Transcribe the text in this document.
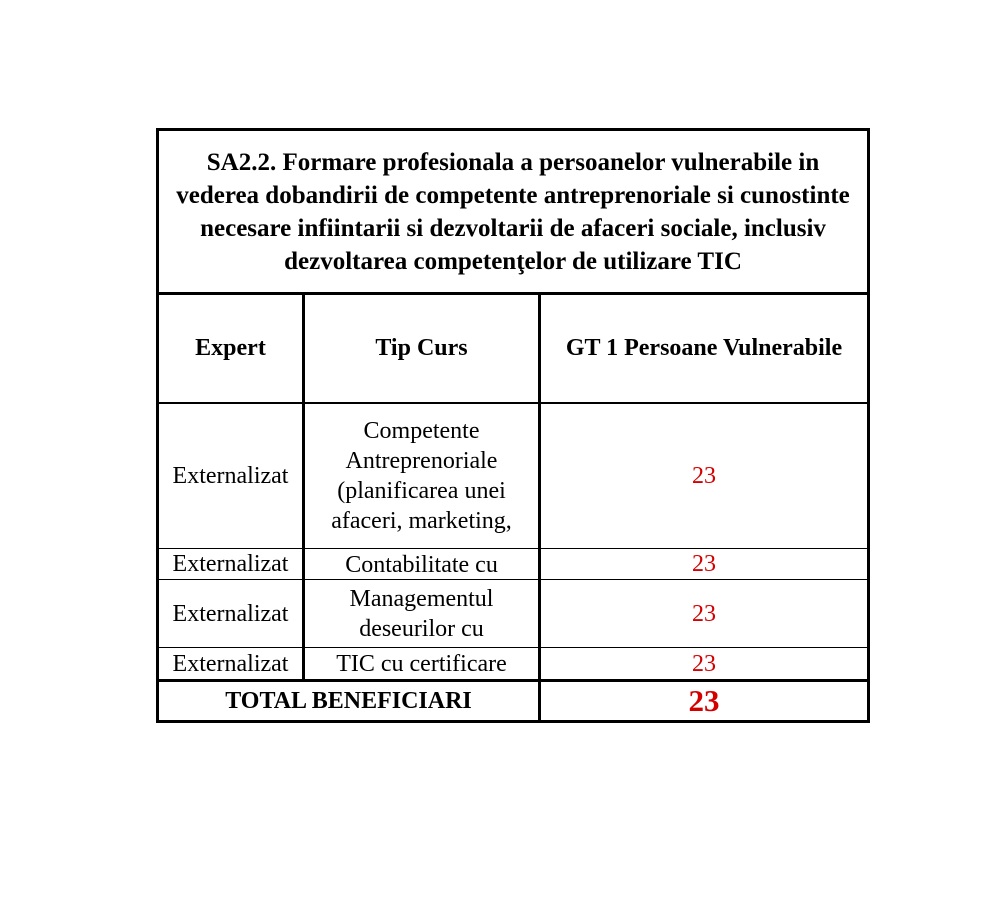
SA2.2. Formare profesionala a persoanelor vulnerabile in vederea dobandirii de competente antreprenoriale si cunostinte necesare infiintarii si dezvoltarii de afaceri sociale, inclusiv dezvoltarea competenţelor de utilizare TIC		
Expert	Tip Curs	GT 1 Persoane Vulnerabile
Externalizat	Competente Antreprenoriale (planificarea unei afaceri, marketing,	23
Externalizat	Contabilitate cu	23
Externalizat	Managementul deseurilor cu	23
Externalizat	TIC cu certificare	23
TOTAL BENEFICIARI		23
